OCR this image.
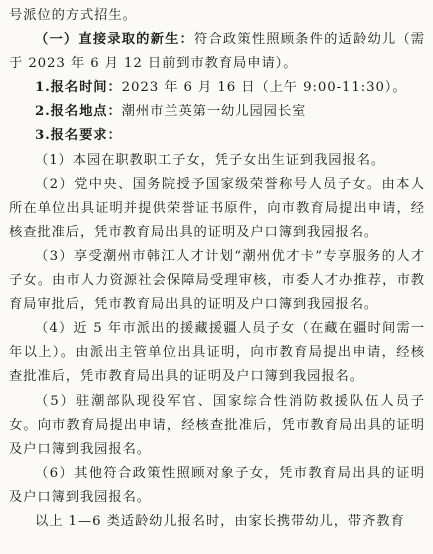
号派位的方式招生。

（一）直接录取的新生：符合政策性照顾条件的适龄幼儿（需于 2023 年 6 月 12 日前到市教育局申请）。

1.报名时间：2023 年 6 月 16 日（上午 9:00-11:30）。

2.报名地点：潮州市兰英第一幼儿园园长室

3.报名要求：

（1）本园在职教职工子女，凭子女出生证到我园报名。

（2）党中央、国务院授予国家级荣誉称号人员子女。由本人所在单位出具证明并提供荣誉证书原件，向市教育局提出申请，经核查批准后，凭市教育局出具的证明及户口簿到我园报名。

（3）享受潮州市韩江人才计划“潮州优才卡”专享服务的人才子女。由市人力资源社会保障局受理审核，市委人才办推荐，市教育局审批后，凭市教育局出具的证明及户口簿到我园报名。

（4）近 5 年市派出的援藏援疆人员子女（在藏在疆时间需一年以上）。由派出主管单位出具证明，向市教育局提出申请，经核查批准后，凭市教育局出具的证明及户口簿到我园报名。

（5）驻潮部队现役军官、国家综合性消防救援队伍人员子女。向市教育局提出申请，经核查批准后，凭市教育局出具的证明及户口簿到我园报名。

（6）其他符合政策性照顾对象子女，凭市教育局出具的证明及户口簿到我园报名。

以上 1—6 类适龄幼儿报名时，由家长携带幼儿，带齐教育
